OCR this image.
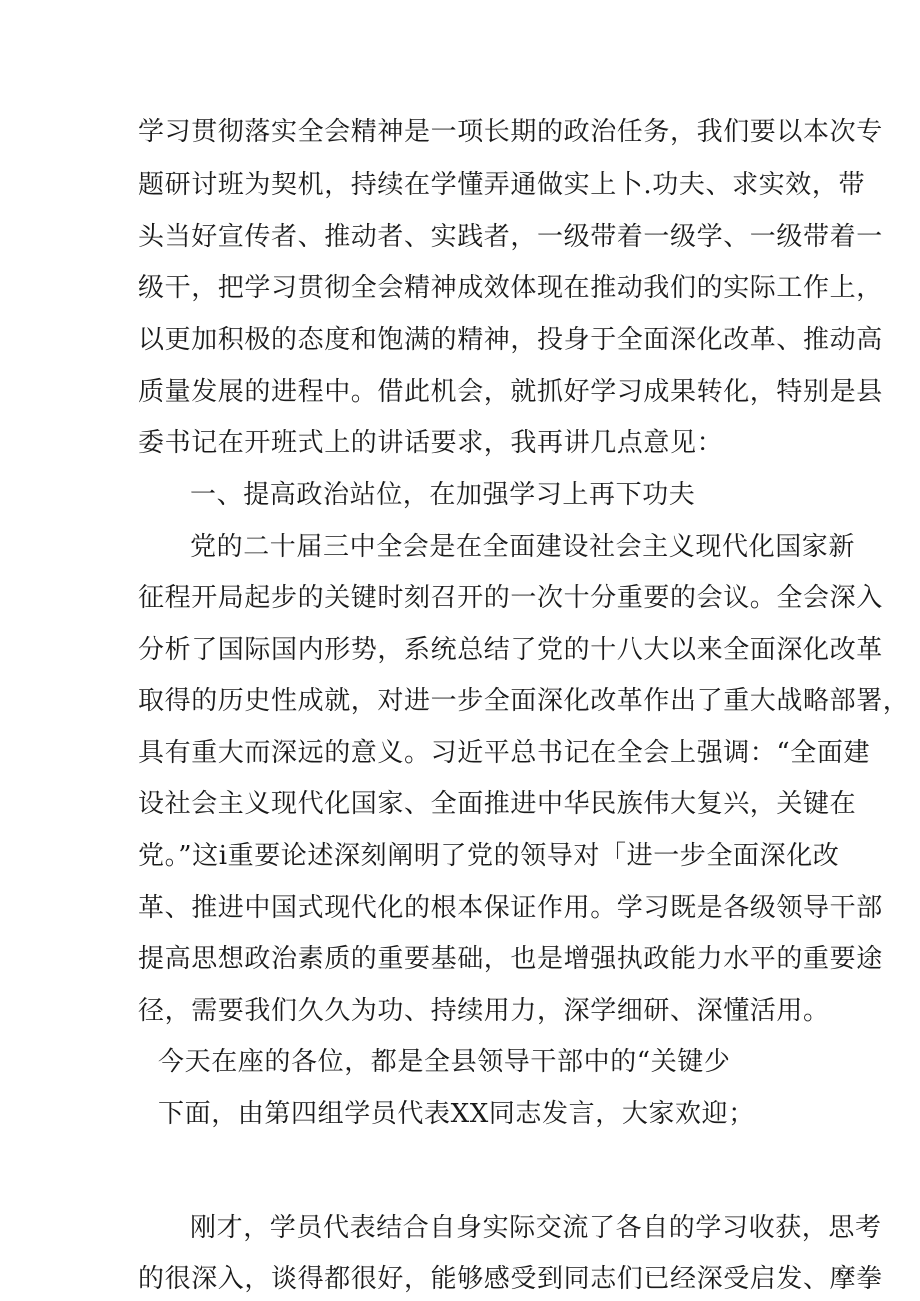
学习贯彻落实全会精神是一项长期的政治任务，我们要以本次专
题研讨班为契机，持续在学懂弄通做实上卜.功夫、求实效，带
头当好宣传者、推动者、实践者，一级带着一级学、一级带着一
级干，把学习贯彻全会精神成效体现在推动我们的实际工作上，
以更加积极的态度和饱满的精神，投身于全面深化改革、推动高
质量发展的进程中。借此机会，就抓好学习成果转化，特别是县
委书记在开班式上的讲话要求，我再讲几点意见：
一、提高政治站位，在加强学习上再下功夫
党的二十届三中全会是在全面建设社会主义现代化国家新
征程开局起步的关键时刻召开的一次十分重要的会议。全会深入
分析了国际国内形势，系统总结了党的十八大以来全面深化改革
取得的历史性成就，对进一步全面深化改革作出了重大战略部署，
具有重大而深远的意义。习近平总书记在全会上强调：“全面建
设社会主义现代化国家、全面推进中华民族伟大复兴，关键在
党。”这i重要论述深刻阐明了党的领导对「进一步全面深化改
革、推进中国式现代化的根本保证作用。学习既是各级领导干部
提高思想政治素质的重要基础，也是增强执政能力水平的重要途
径，需要我们久久为功、持续用力，深学细研、深懂活用。
今天在座的各位，都是全县领导干部中的“关键少
下面，由第四组学员代表XX同志发言，大家欢迎；
刚才，学员代表结合自身实际交流了各自的学习收获，思考
的很深入，谈得都很好，能够感受到同志们已经深受启发、摩拳
